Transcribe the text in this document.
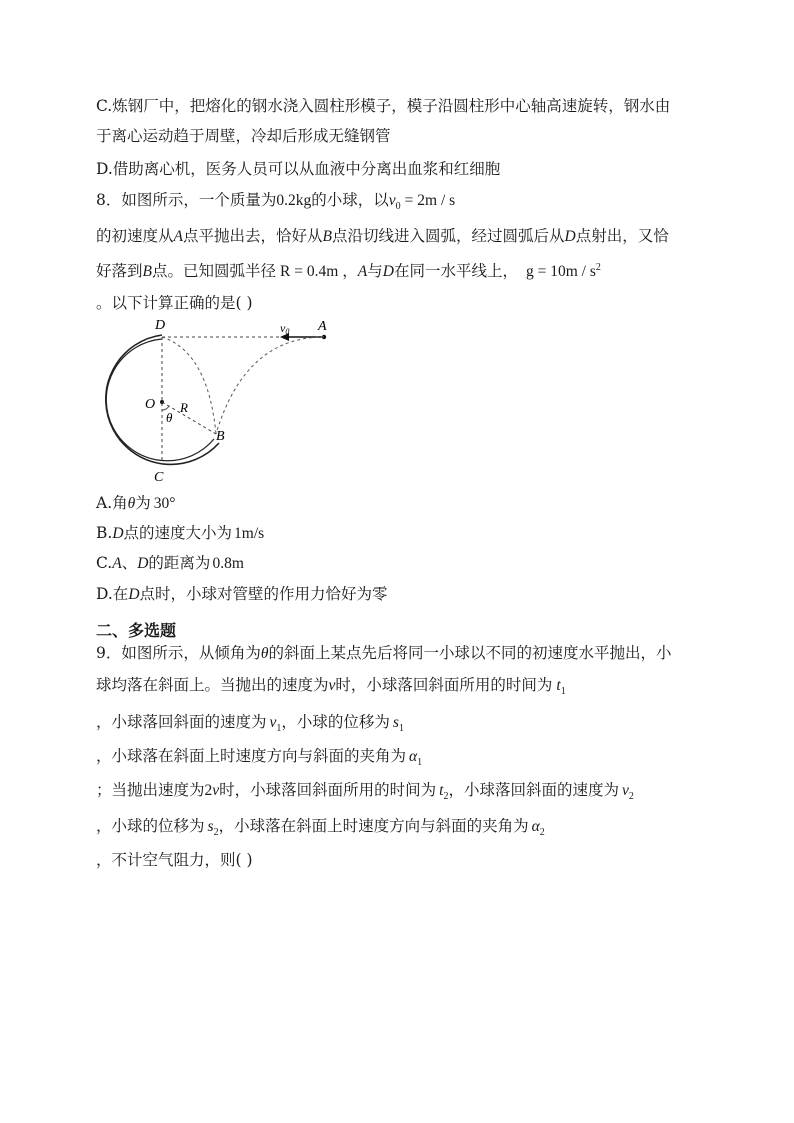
C.炼钢厂中，把熔化的钢水浇入圆柱形模子，模子沿圆柱形中心轴高速旋转，钢水由
于离心运动趋于周壁，冷却后形成无缝钢管
D.借助离心机，医务人员可以从血液中分离出血浆和红细胞
8．如图所示，一个质量为0.2kg的小球，以$v_0 = 2m / s$
的初速度从A点平抛出去，恰好从B点沿切线进入圆弧，经过圆弧后从D点射出，又恰
好落到B点。已知圆弧半径 R = 0.4m ，A与D在同一水平线上， $g = 10m / s^2$
。以下计算正确的是( )
D	v0 A
O R
θ
B
C
A.角θ为 30°
B.D点的速度大小为 1m/s
C.A、D的距离为 0.8m
D.在D点时，小球对管壁的作用力恰好为零
二、多选题
9．如图所示，从倾角为θ的斜面上某点先后将同一小球以不同的初速度水平抛出，小
球均落在斜面上。当抛出的速度为v时，小球落回斜面所用的时间为 $t_1$
，小球落回斜面的速度为 $v_1$，小球的位移为 $s_1$
，小球落在斜面上时速度方向与斜面的夹角为 $\alpha_1$
；当抛出速度为2v时，小球落回斜面所用的时间为 $t_2$，小球落回斜面的速度为 $v_2$
，小球的位移为 $s_2$，小球落在斜面上时速度方向与斜面的夹角为 $\alpha_2$
，不计空气阻力，则( )
